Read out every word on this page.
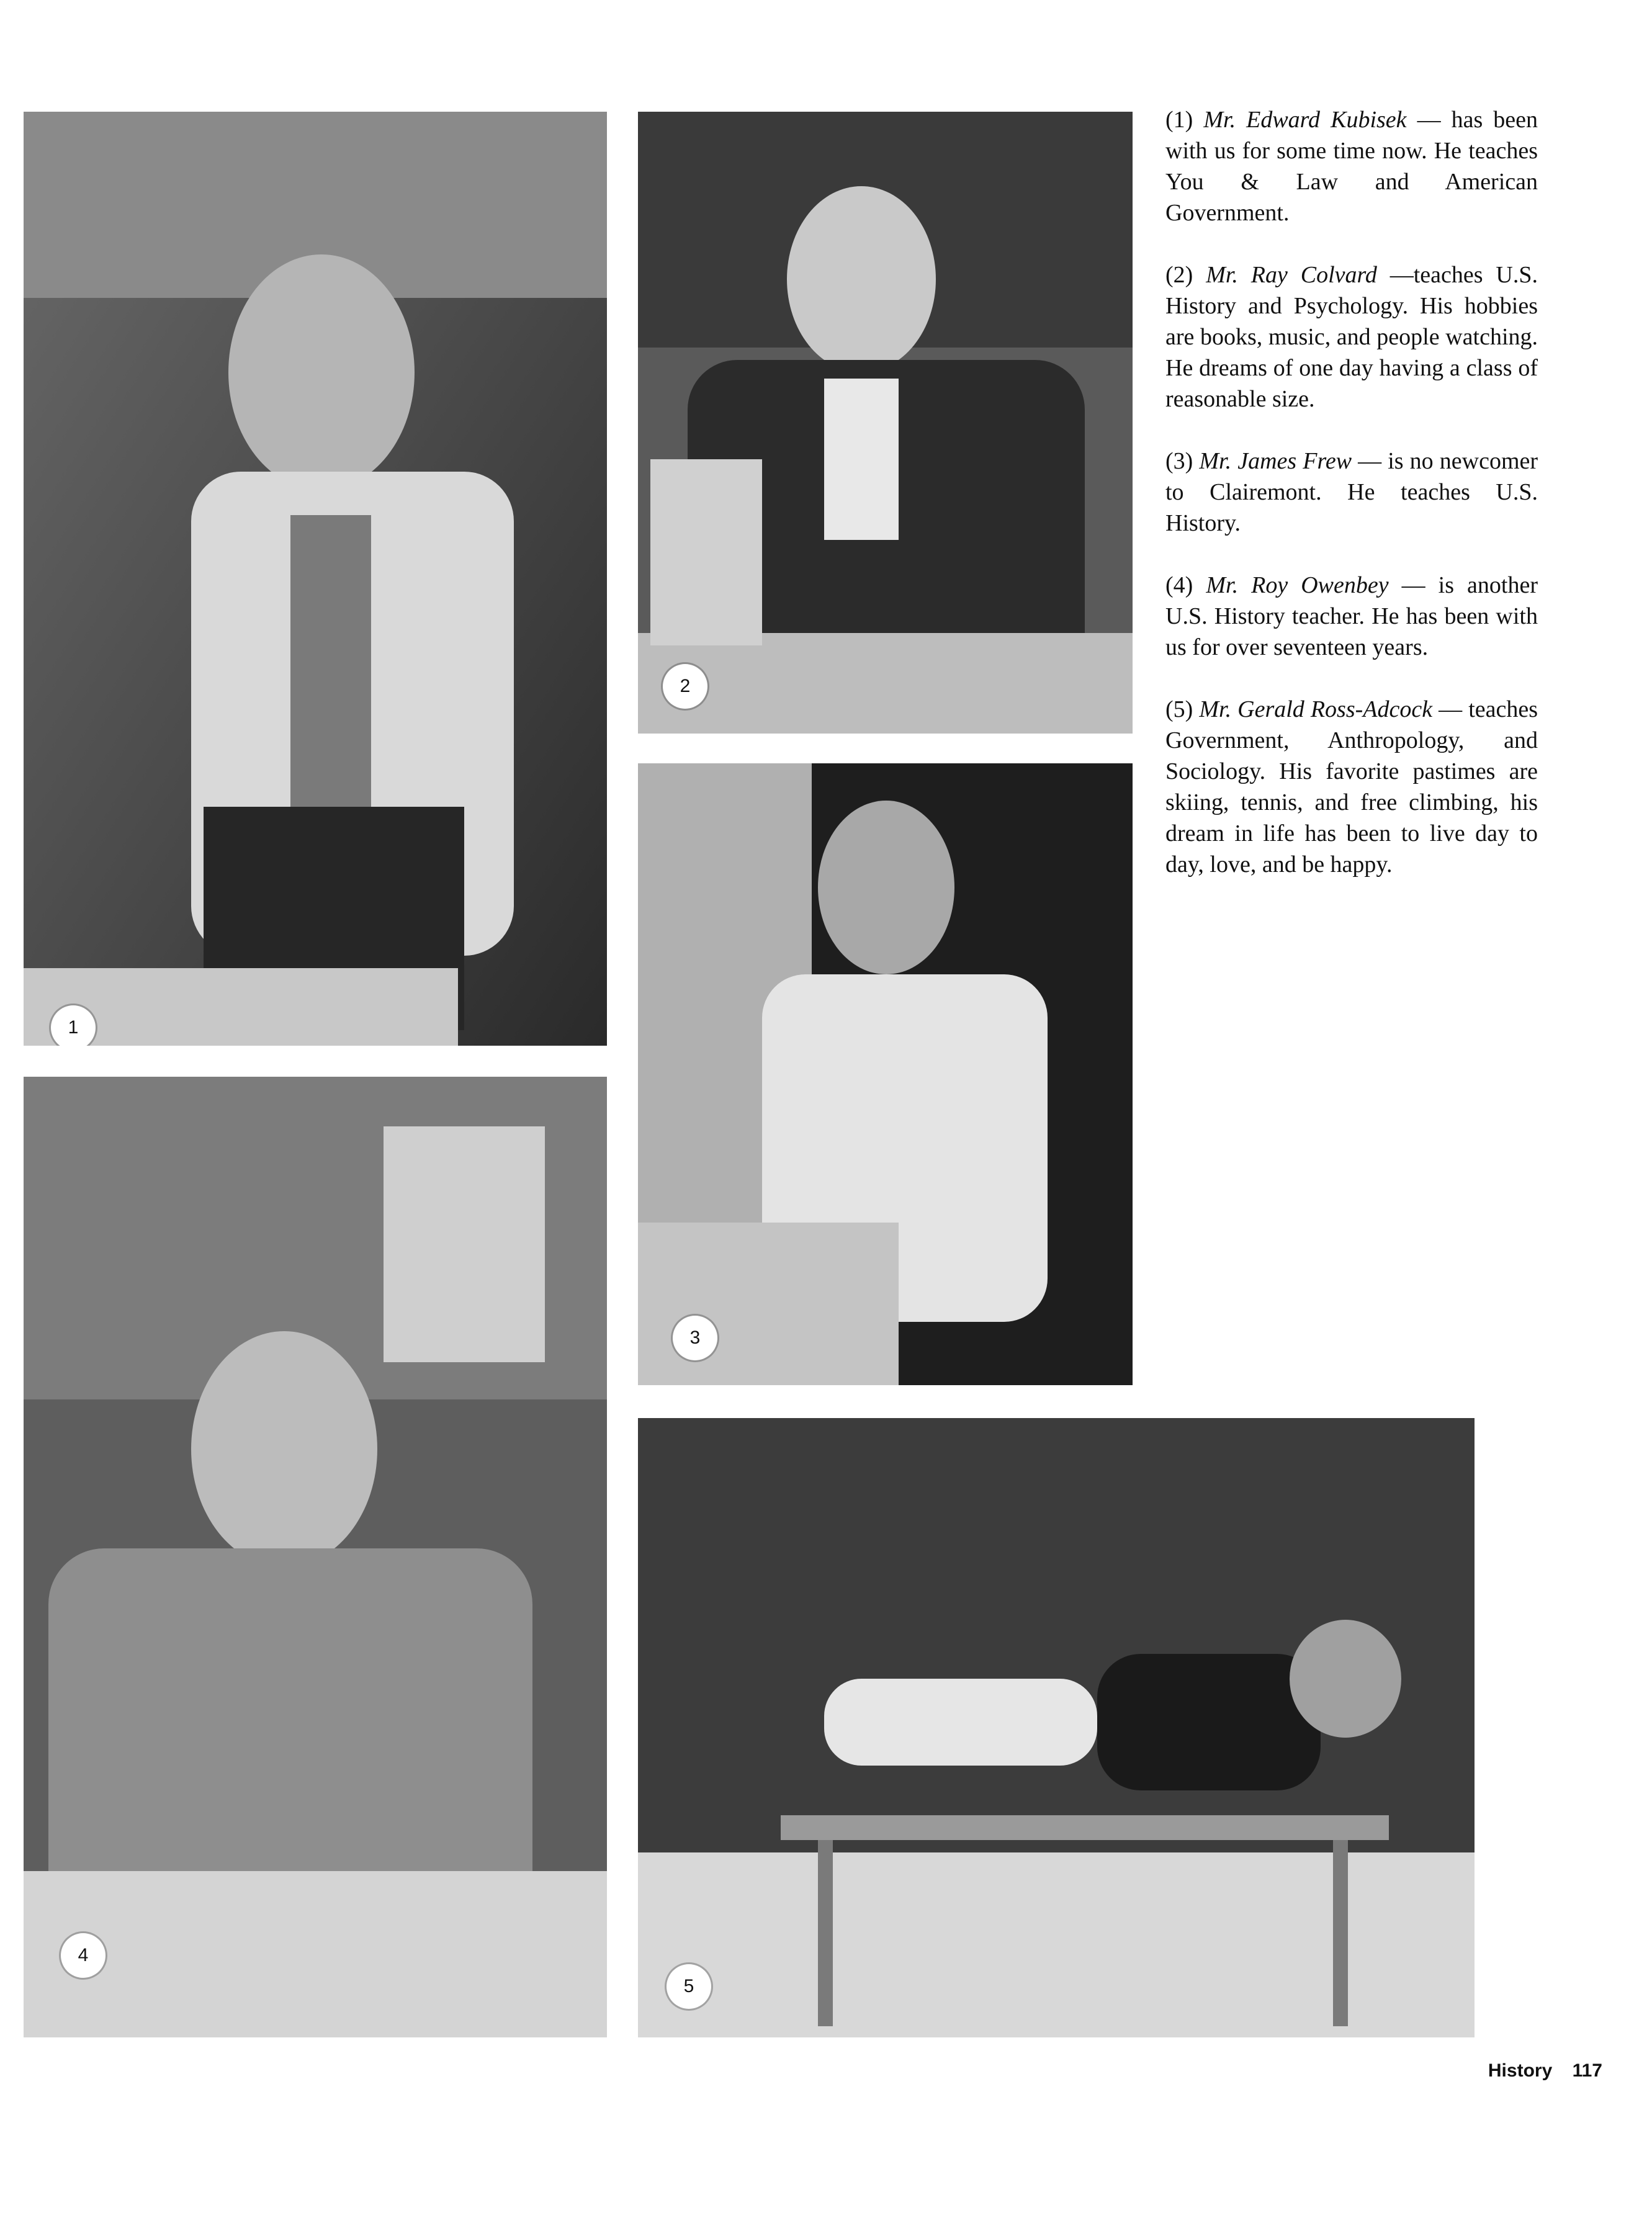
1
2
3
4
5

(1) Mr. Edward Kubisek — has been with us for some time now. He teaches You & Law and American Government.

(2) Mr. Ray Colvard —teaches U.S. History and Psychology. His hobbies are books, music, and people watching. He dreams of one day having a class of reasonable size.

(3) Mr. James Frew — is no newcomer to Clairemont. He teaches U.S. History.

(4) Mr. Roy Owenbey — is another U.S. History teacher. He has been with us for over seventeen years.

(5) Mr. Gerald Ross-Adcock — teaches Government, Anthropology, and Sociology. His favorite pastimes are skiing, tennis, and free climbing, his dream in life has been to live day to day, love, and be happy.

History 117
